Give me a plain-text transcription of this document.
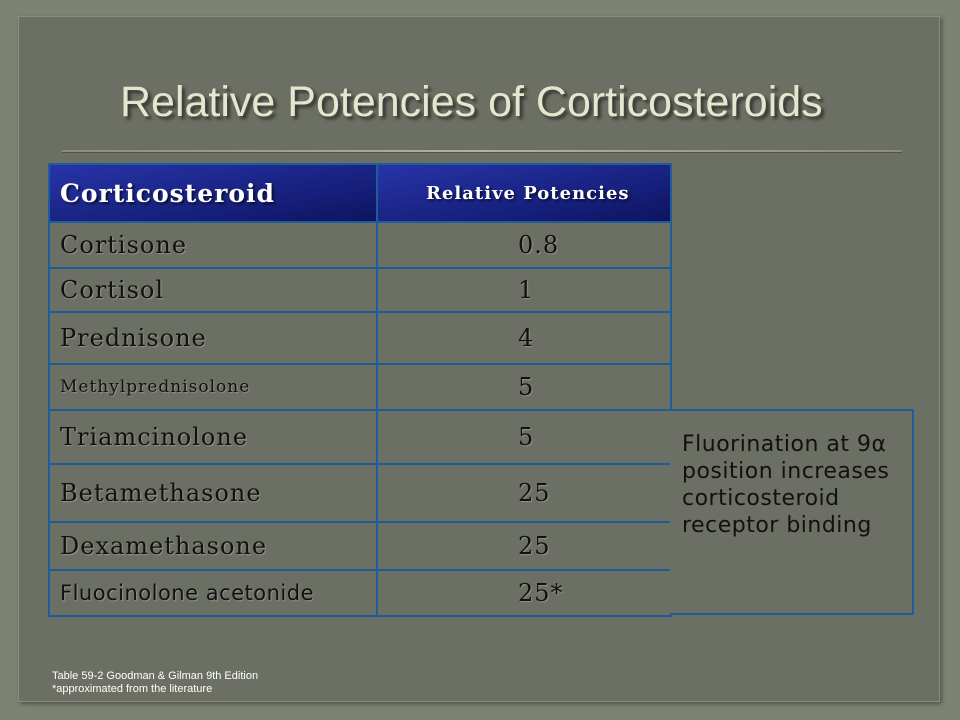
Relative Potencies of Corticosteroids
Corticosteroid	Relative Potencies
Cortisone	0.8
Cortisol	1
Prednisone	4
Methylprednisolone	5
Triamcinolone	5
Betamethasone	25
Dexamethasone	25
Fluocinolone acetonide	25*
Fluorination at 9α position increases corticosteroid receptor binding
Table 59-2 Goodman & Gilman 9th Edition
*approximated from the literature
